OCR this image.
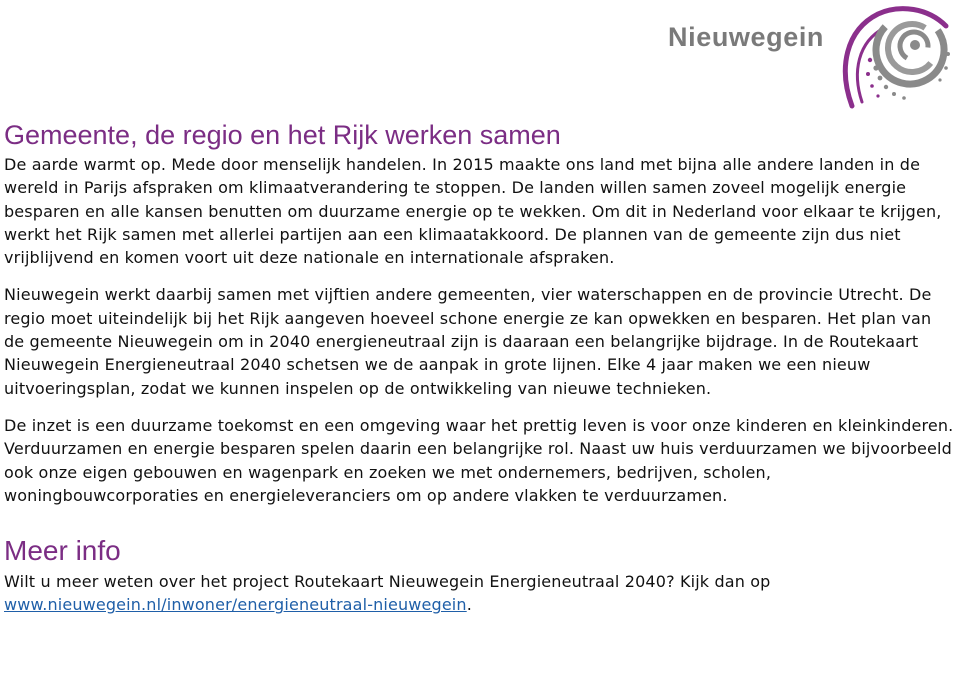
Nieuwegein
Gemeente, de regio en het Rijk werken samen

De aarde warmt op. Mede door menselijk handelen. In 2015 maakte ons land met bijna alle andere landen in de wereld in Parijs afspraken om klimaatverandering te stoppen. De landen willen samen zoveel mogelijk energie besparen en alle kansen benutten om duurzame energie op te wekken. Om dit in Nederland voor elkaar te krijgen, werkt het Rijk samen met allerlei partijen aan een klimaatakkoord. De plannen van de gemeente zijn dus niet vrijblijvend en komen voort uit deze nationale en internationale afspraken.

Nieuwegein werkt daarbij samen met vijftien andere gemeenten, vier waterschappen en de provincie Utrecht. De regio moet uiteindelijk bij het Rijk aangeven hoeveel schone energie ze kan opwekken en besparen. Het plan van de gemeente Nieuwegein om in 2040 energieneutraal zijn is daaraan een belangrijke bijdrage. In de Routekaart Nieuwegein Energieneutraal 2040 schetsen we de aanpak in grote lijnen. Elke 4 jaar maken we een nieuw uitvoeringsplan, zodat we kunnen inspelen op de ontwikkeling van nieuwe technieken.

De inzet is een duurzame toekomst en een omgeving waar het prettig leven is voor onze kinderen en kleinkinderen. Verduurzamen en energie besparen spelen daarin een belangrijke rol. Naast uw huis verduurzamen we bijvoorbeeld ook onze eigen gebouwen en wagenpark en zoeken we met ondernemers, bedrijven, scholen, woningbouwcorporaties en energieleveranciers om op andere vlakken te verduurzamen.

Meer info

Wilt u meer weten over het project Routekaart Nieuwegein Energieneutraal 2040? Kijk dan op
www.nieuwegein.nl/inwoner/energieneutraal-nieuwegein.
